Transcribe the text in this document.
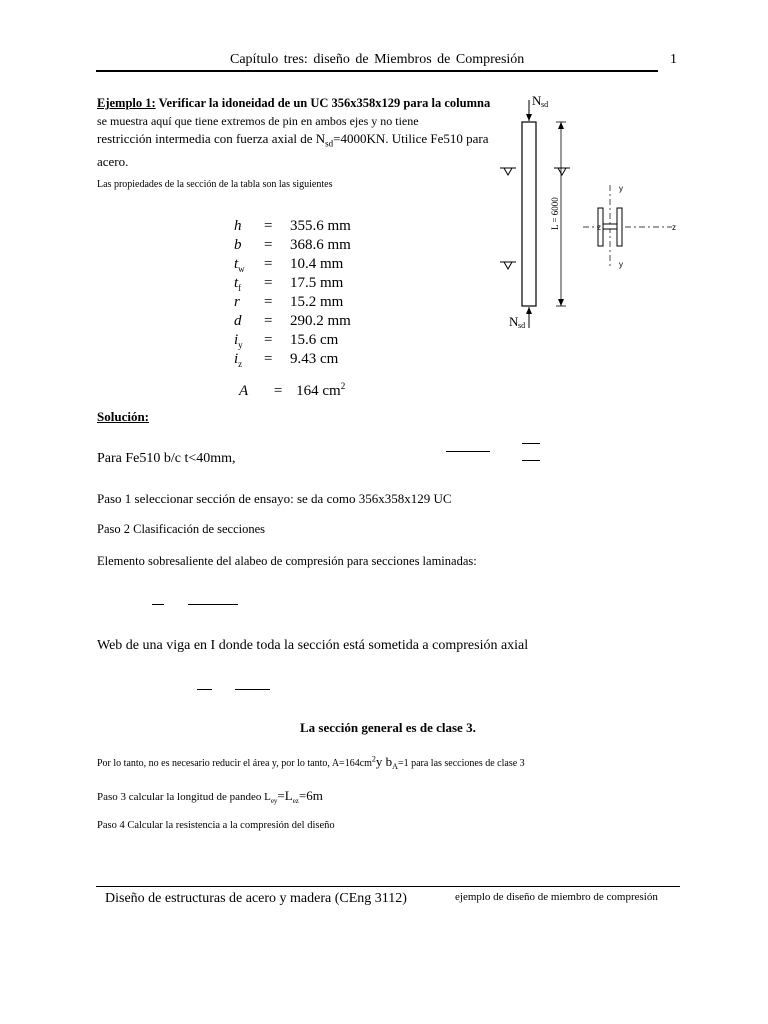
Capítulo tres: diseño de Miembros de Compresión	1
Ejemplo 1: Verificar la idoneidad de un UC 356x358x129 para la columna
se muestra aquí que tiene extremos de pin en ambos ejes y no tiene
restricción intermedia con fuerza axial de $N_{sd}=4000KN$. Utilice Fe510 para
acero.
Las propiedades de la sección de la tabla son las siguientes
h = 355.6 mm
b = 368.6 mm
$t_w = 10.4$ mm
$t_f = 17.5$ mm
r = 15.2 mm
d = 290.2 mm
$i_y = 15.6$ cm
$i_z = 9.43$ cm
A = 164 $cm^2$
N sd
N sd
L = 6000
y
y
z	z
Solución:
Para Fe510 b/c t<40mm,
Paso 1 seleccionar sección de ensayo: se da como 356x358x129 UC
Paso 2 Clasificación de secciones
Elemento sobresaliente del alabeo de compresión para secciones laminadas:
Web de una viga en I donde toda la sección está sometida a compresión axial
La sección general es de clase 3.
Por lo tanto, no es necesario reducir el área y, por lo tanto, $A=164cm^2y$ $b_A=1$ para las secciones de clase 3
Paso 3 calcular la longitud de pandeo $L_{ey}=L_{ez}=6m$
Paso 4 Calcular la resistencia a la compresión del diseño
Diseño de estructuras de acero y madera (CEng 3112)	ejemplo de diseño de miembro de compresión
